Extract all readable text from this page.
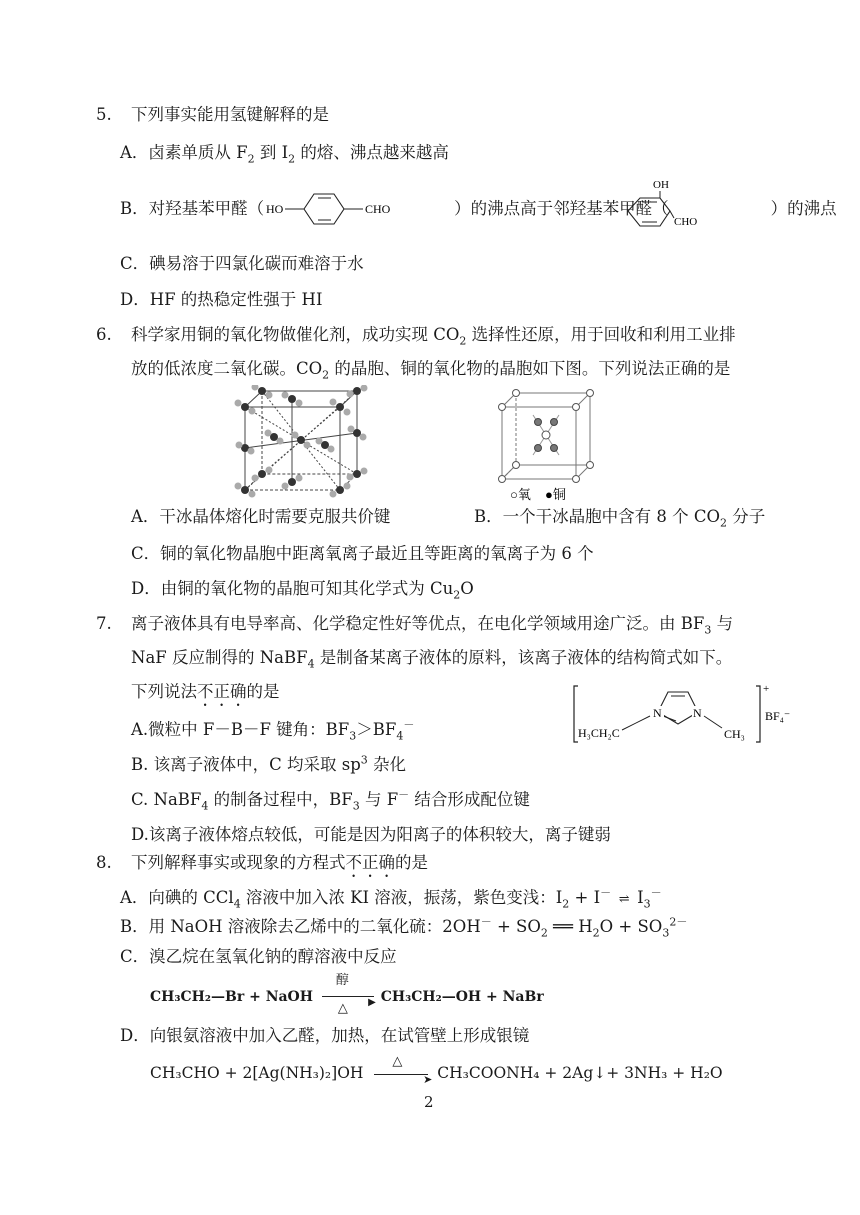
5. 下列事实能用氢键解释的是
A．卤素单质从 $F_2$ 到 $I_2$ 的熔、沸点越来越高
B．对羟基苯甲醛（	）的沸点高于邻羟基苯甲醛（	）的沸点
HO	CHO
OH
CHO
C．碘易溶于四氯化碳而难溶于水
D．HF 的热稳定性强于 HI
6. 科学家用铜的氧化物做催化剂，成功实现 $CO_2$ 选择性还原，用于回收和利用工业排
放的低浓度二氧化碳。$CO_2$ 的晶胞、铜的氧化物的晶胞如下图。下列说法正确的是
○氧 ●铜
A．干冰晶体熔化时需要克服共价键	B．一个干冰晶胞中含有 8 个 $CO_2$ 分子
C．铜的氧化物晶胞中距离氧离子最近且等距离的氧离子为 6 个
D．由铜的氧化物的晶胞可知其化学式为 $Cu_2O$
7. 离子液体具有电导率高、化学稳定性好等优点，在电化学领域用途广泛。由 $BF_3$ 与
NaF 反应制得的 NaBF$_4$ 是制备某离子液体的原料，该离子液体的结构简式如下。
下列说法不正确的是
H₃CH₂C
N	N
CH₃
+
BF₄⁻
A.微粒中 F－B－F 键角：$BF_3>BF_4^-$
B. 该离子液体中，C 均采取 $sp^3$ 杂化
C. NaBF$_4$ 的制备过程中，$BF_3$ 与 F－ 结合形成配位键
D.该离子液体熔点较低，可能是因为阳离子的体积较大，离子键弱
8. 下列解释事实或现象的方程式不正确的是
A．向碘的 CCl$_4$ 溶液中加入浓 KI 溶液，振荡，紫色变浅：$I_2 + I^-$ ⇌ $I_3^-$
B．用 NaOH 溶液除去乙烯中的二氧化硫：$2OH^- + SO_2$ ══ $H_2O + SO_3^{2-}$
C．溴乙烷在氢氧化钠的醇溶液中反应
CH₃CH₂—Br + NaOH
醇
▶
△
CH₃CH₂—OH + NaBr
D．向银氨溶液中加入乙醛，加热，在试管壁上形成银镜
CH₃CHO + 2[Ag(NH₃)₂]OH
△
➤ CH₃COONH₄ + 2Ag↓+ 3NH₃ + H₂O
2
